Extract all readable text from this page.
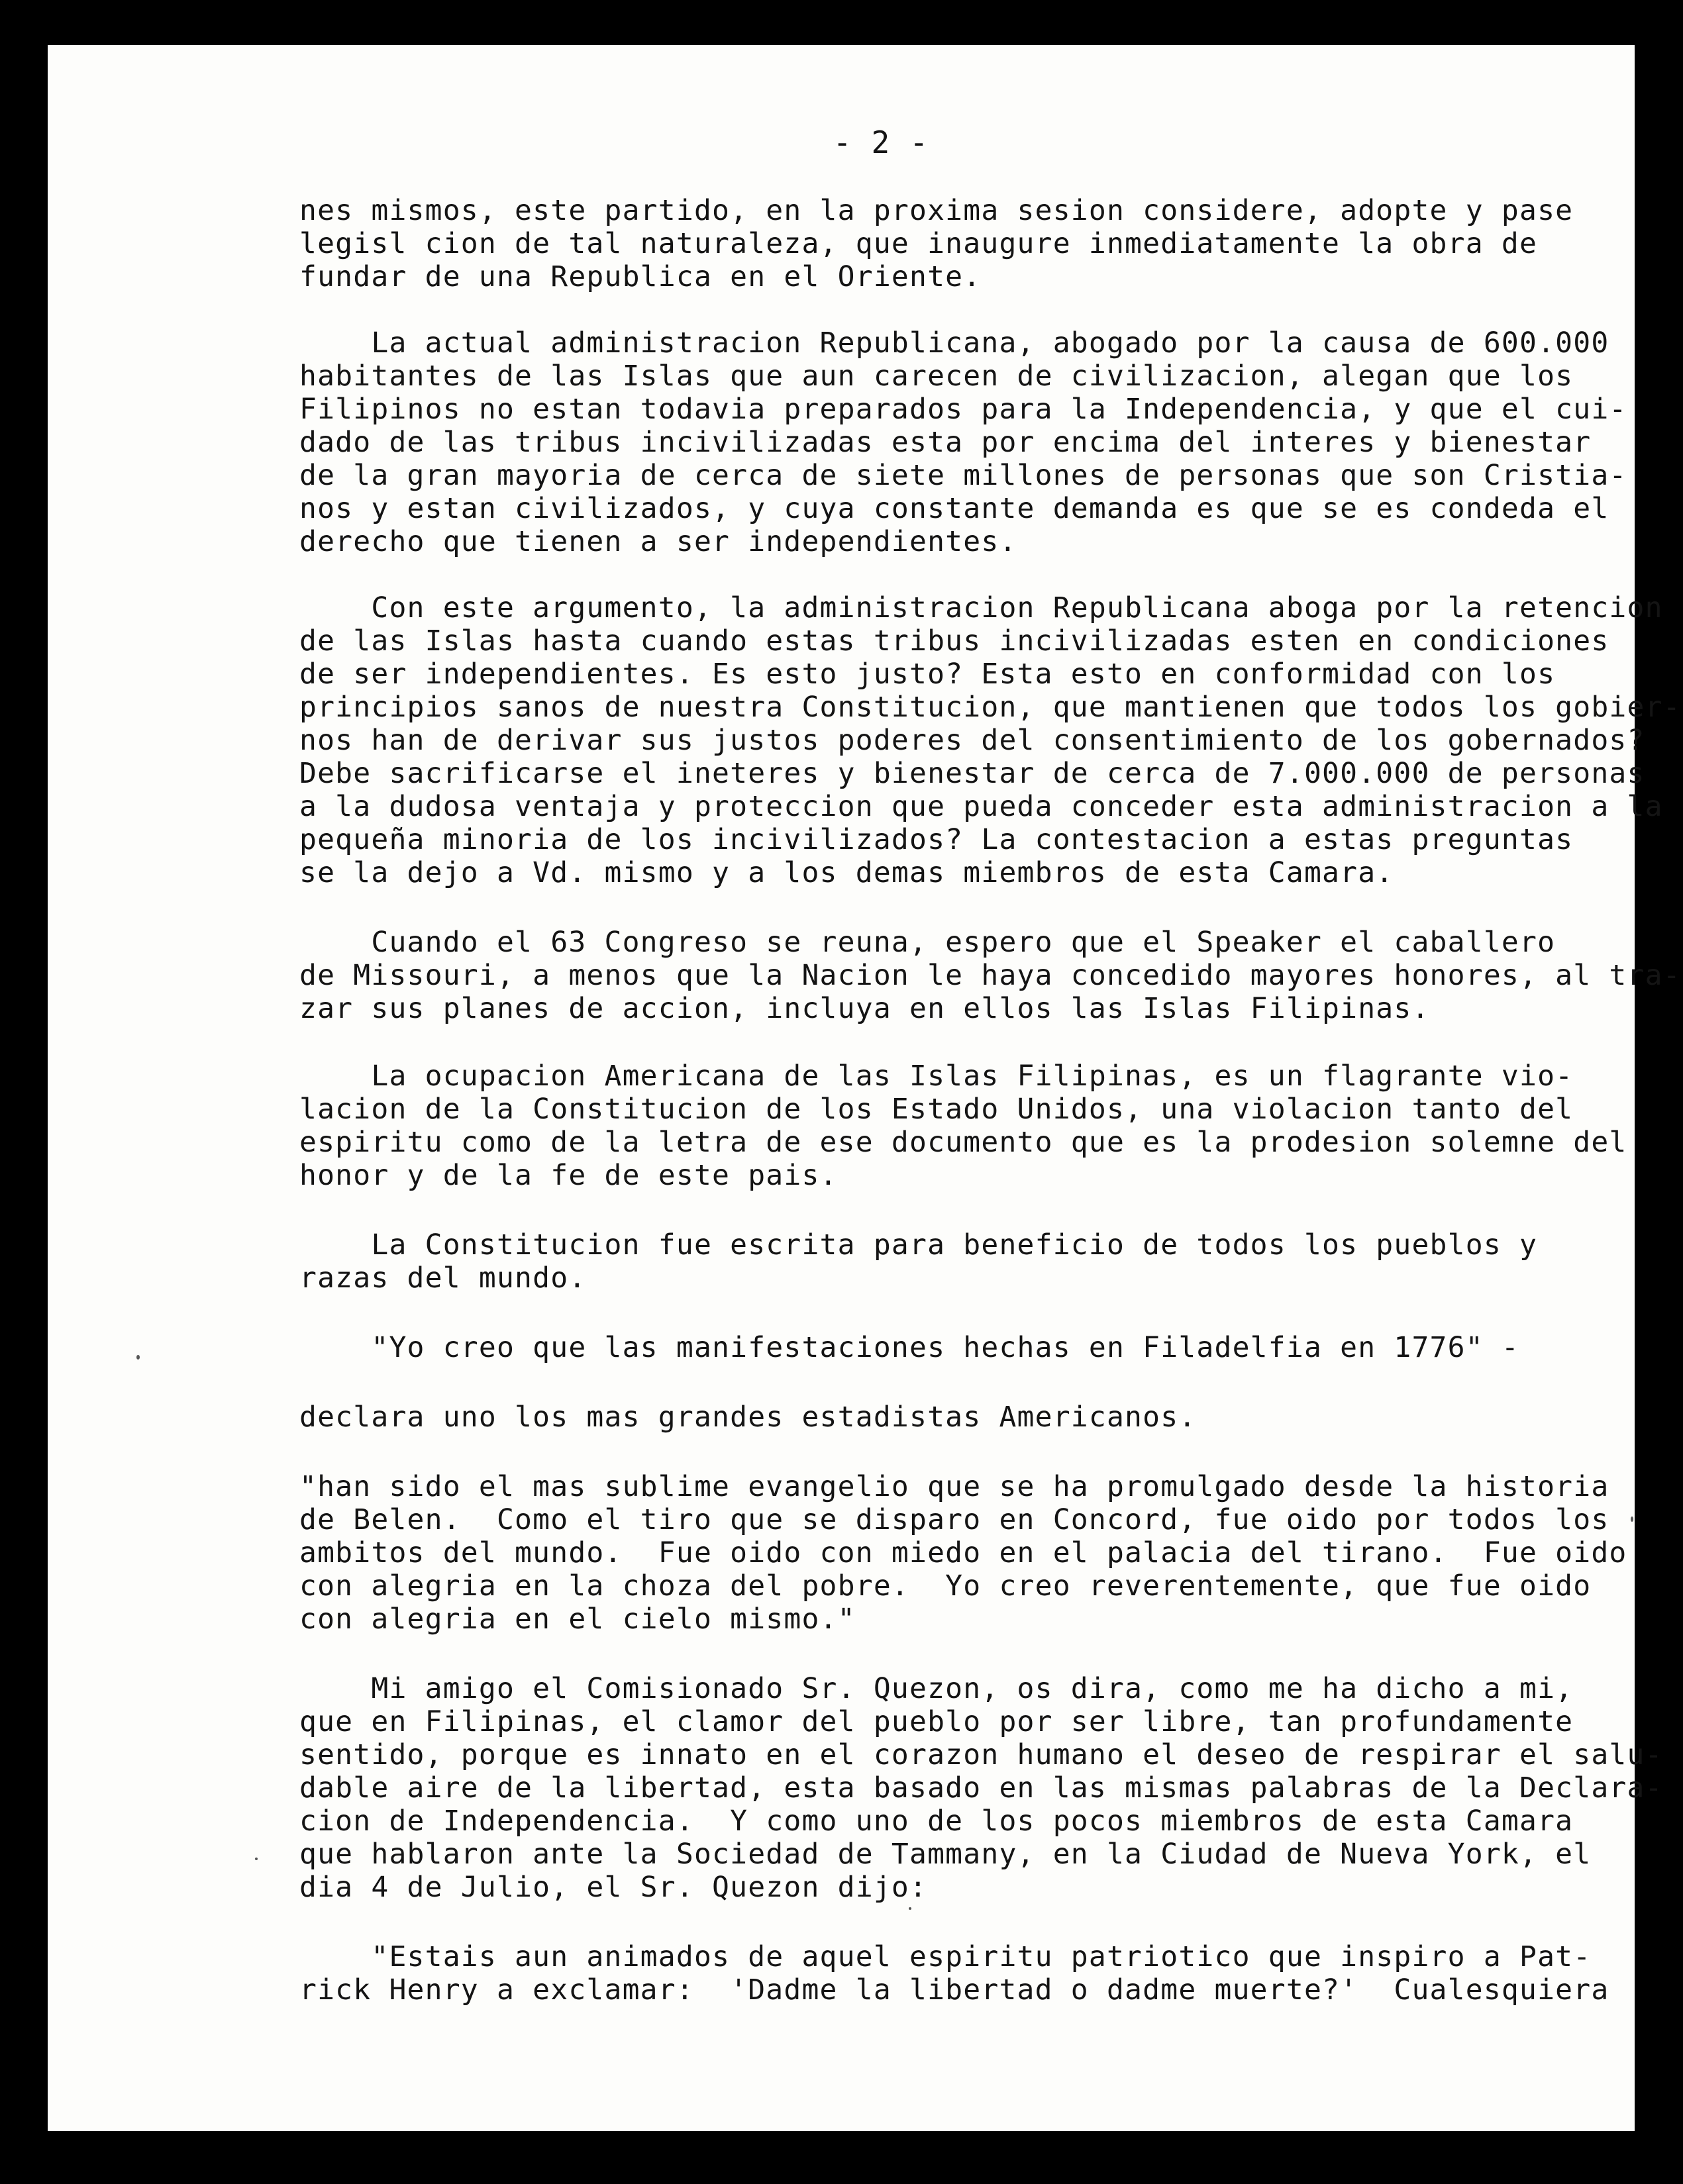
- 2 -
nes mismos, este partido, en la proxima sesion considere, adopte y pase
legisl cion de tal naturaleza, que inaugure inmediatamente la obra de
fundar de una Republica en el Oriente.
La actual administracion Republicana, abogado por la causa de 600.000
habitantes de las Islas que aun carecen de civilizacion, alegan que los
Filipinos no estan todavia preparados para la Independencia, y que el cui-
dado de las tribus incivilizadas esta por encima del interes y bienestar
de la gran mayoria de cerca de siete millones de personas que son Cristia-
nos y estan civilizados, y cuya constante demanda es que se es condeda el
derecho que tienen a ser independientes.
Con este argumento, la administracion Republicana aboga por la retencion
de las Islas hasta cuando estas tribus incivilizadas esten en condiciones
de ser independientes. Es esto justo? Esta esto en conformidad con los
principios sanos de nuestra Constitucion, que mantienen que todos los gobier-
nos han de derivar sus justos poderes del consentimiento de los gobernados?
Debe sacrificarse el ineteres y bienestar de cerca de 7.000.000 de personas
a la dudosa ventaja y proteccion que pueda conceder esta administracion a la
pequeña minoria de los incivilizados? La contestacion a estas preguntas
se la dejo a Vd. mismo y a los demas miembros de esta Camara.
Cuando el 63 Congreso se reuna, espero que el Speaker el caballero
de Missouri, a menos que la Nacion le haya concedido mayores honores, al tra-
zar sus planes de accion, incluya en ellos las Islas Filipinas.
La ocupacion Americana de las Islas Filipinas, es un flagrante vio-
lacion de la Constitucion de los Estado Unidos, una violacion tanto del
espiritu como de la letra de ese documento que es la prodesion solemne del
honor y de la fe de este pais.
La Constitucion fue escrita para beneficio de todos los pueblos y
razas del mundo.
"Yo creo que las manifestaciones hechas en Filadelfia en 1776" -
declara uno los mas grandes estadistas Americanos.
"han sido el mas sublime evangelio que se ha promulgado desde la historia
de Belen.  Como el tiro que se disparo en Concord, fue oido por todos los
ambitos del mundo.  Fue oido con miedo en el palacia del tirano.  Fue oido
con alegria en la choza del pobre.  Yo creo reverentemente, que fue oido
con alegria en el cielo mismo."
Mi amigo el Comisionado Sr. Quezon, os dira, como me ha dicho a mi,
que en Filipinas, el clamor del pueblo por ser libre, tan profundamente
sentido, porque es innato en el corazon humano el deseo de respirar el salu-
dable aire de la libertad, esta basado en las mismas palabras de la Declara-
cion de Independencia.  Y como uno de los pocos miembros de esta Camara
que hablaron ante la Sociedad de Tammany, en la Ciudad de Nueva York, el
dia 4 de Julio, el Sr. Quezon dijo:
"Estais aun animados de aquel espiritu patriotico que inspiro a Pat-
rick Henry a exclamar:  'Dadme la libertad o dadme muerte?'  Cualesquiera
